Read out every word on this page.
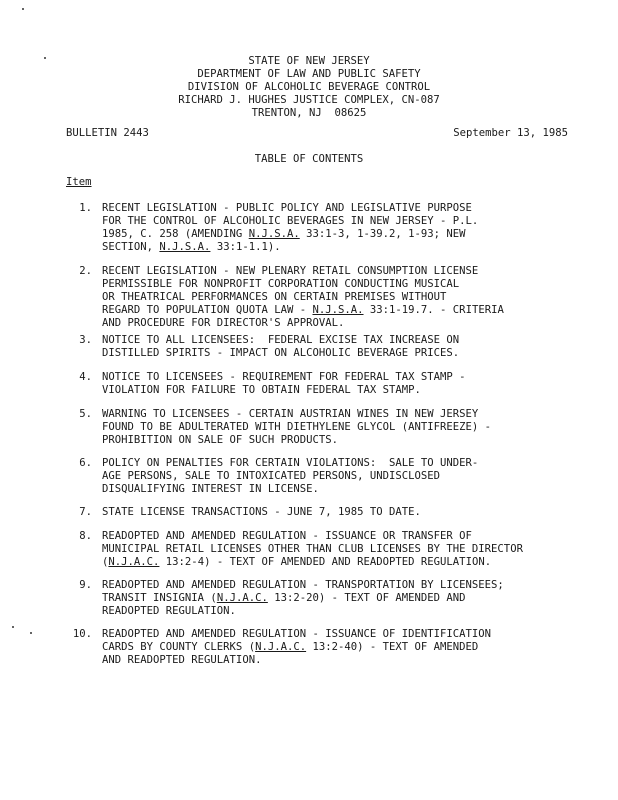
STATE OF NEW JERSEY
DEPARTMENT OF LAW AND PUBLIC SAFETY
DIVISION OF ALCOHOLIC BEVERAGE CONTROL
RICHARD J. HUGHES JUSTICE COMPLEX, CN-087
TRENTON, NJ  08625
BULLETIN 2443	September 13, 1985
TABLE OF CONTENTS
Item
1. RECENT LEGISLATION - PUBLIC POLICY AND LEGISLATIVE PURPOSE
FOR THE CONTROL OF ALCOHOLIC BEVERAGES IN NEW JERSEY - P.L.
1985, C. 258 (AMENDING N.J.S.A. 33:1-3, 1-39.2, 1-93; NEW
SECTION, N.J.S.A. 33:1-1.1).
2. RECENT LEGISLATION - NEW PLENARY RETAIL CONSUMPTION LICENSE
PERMISSIBLE FOR NONPROFIT CORPORATION CONDUCTING MUSICAL
OR THEATRICAL PERFORMANCES ON CERTAIN PREMISES WITHOUT
REGARD TO POPULATION QUOTA LAW - N.J.S.A. 33:1-19.7. - CRITERIA
AND PROCEDURE FOR DIRECTOR'S APPROVAL.
3. NOTICE TO ALL LICENSEES:  FEDERAL EXCISE TAX INCREASE ON
DISTILLED SPIRITS - IMPACT ON ALCOHOLIC BEVERAGE PRICES.
4. NOTICE TO LICENSEES - REQUIREMENT FOR FEDERAL TAX STAMP -
VIOLATION FOR FAILURE TO OBTAIN FEDERAL TAX STAMP.
5. WARNING TO LICENSEES - CERTAIN AUSTRIAN WINES IN NEW JERSEY
FOUND TO BE ADULTERATED WITH DIETHYLENE GLYCOL (ANTIFREEZE) -
PROHIBITION ON SALE OF SUCH PRODUCTS.
6. POLICY ON PENALTIES FOR CERTAIN VIOLATIONS:  SALE TO UNDER-
AGE PERSONS, SALE TO INTOXICATED PERSONS, UNDISCLOSED
DISQUALIFYING INTEREST IN LICENSE.
7. STATE LICENSE TRANSACTIONS - JUNE 7, 1985 TO DATE.
8. READOPTED AND AMENDED REGULATION - ISSUANCE OR TRANSFER OF
MUNICIPAL RETAIL LICENSES OTHER THAN CLUB LICENSES BY THE DIRECTOR
(N.J.A.C. 13:2-4) - TEXT OF AMENDED AND READOPTED REGULATION.
9. READOPTED AND AMENDED REGULATION - TRANSPORTATION BY LICENSEES;
TRANSIT INSIGNIA (N.J.A.C. 13:2-20) - TEXT OF AMENDED AND
READOPTED REGULATION.
10. READOPTED AND AMENDED REGULATION - ISSUANCE OF IDENTIFICATION
CARDS BY COUNTY CLERKS (N.J.A.C. 13:2-40) - TEXT OF AMENDED
AND READOPTED REGULATION.
